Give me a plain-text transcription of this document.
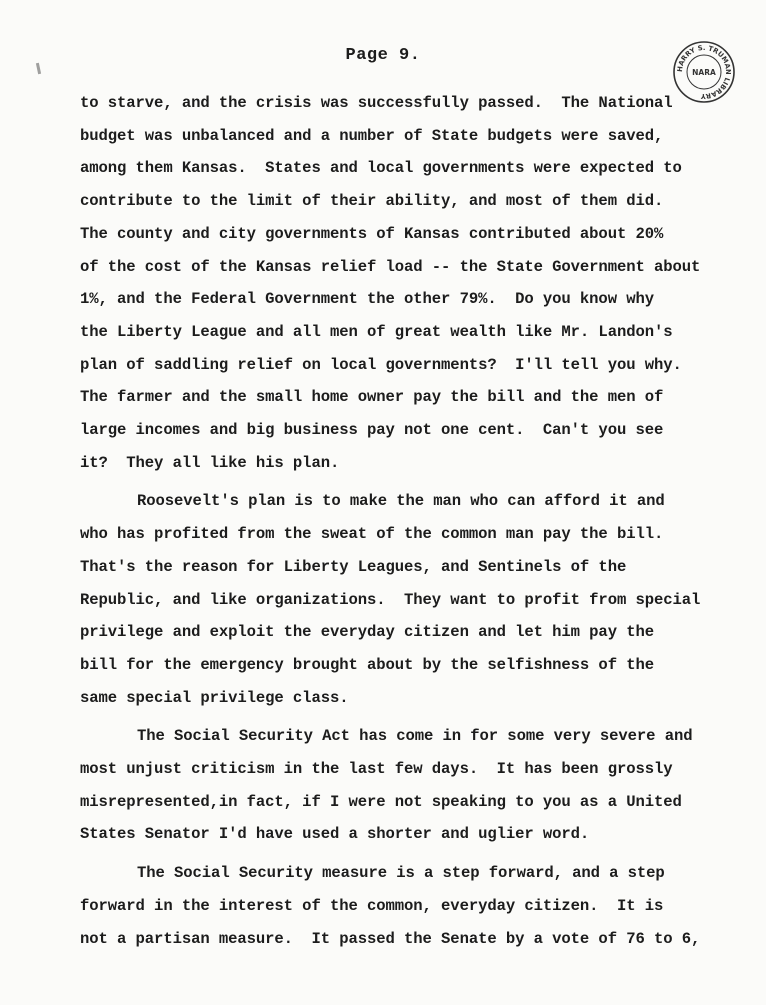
Page 9.
HARRY S. TRUMAN LIBRARY
NARA
to starve, and the crisis was successfully passed.  The National
budget was unbalanced and a number of State budgets were saved,
among them Kansas.  States and local governments were expected to
contribute to the limit of their ability, and most of them did.
The county and city governments of Kansas contributed about 20%
of the cost of the Kansas relief load -- the State Government about
1%, and the Federal Government the other 79%.  Do you know why
the Liberty League and all men of great wealth like Mr. Landon's
plan of saddling relief on local governments?  I'll tell you why.
The farmer and the small home owner pay the bill and the men of
large incomes and big business pay not one cent.  Can't you see
it?  They all like his plan.
Roosevelt's plan is to make the man who can afford it and
who has profited from the sweat of the common man pay the bill.
That's the reason for Liberty Leagues, and Sentinels of the
Republic, and like organizations.  They want to profit from special
privilege and exploit the everyday citizen and let him pay the
bill for the emergency brought about by the selfishness of the
same special privilege class.
The Social Security Act has come in for some very severe and
most unjust criticism in the last few days.  It has been grossly
misrepresented,in fact, if I were not speaking to you as a United
States Senator I'd have used a shorter and uglier word.
The Social Security measure is a step forward, and a step
forward in the interest of the common, everyday citizen.  It is
not a partisan measure.  It passed the Senate by a vote of 76 to 6,
